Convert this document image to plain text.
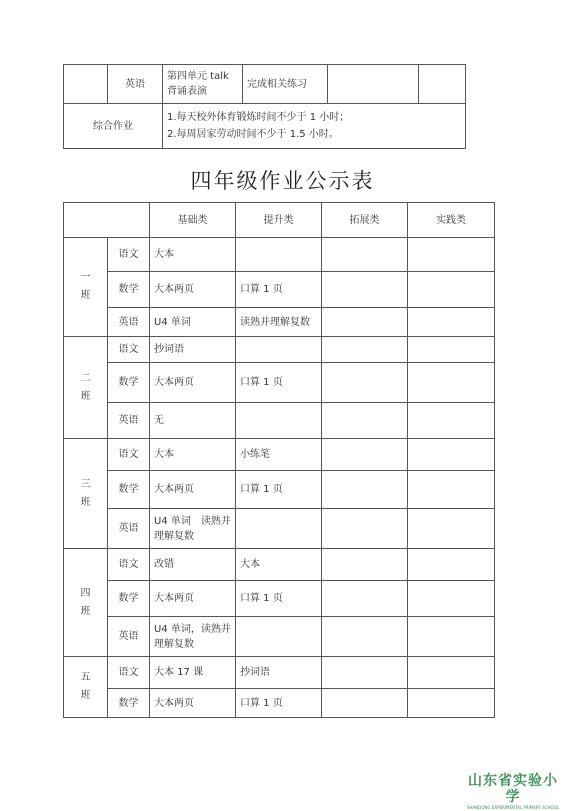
	英语	第四单元 talk 背诵表演	完成相关练习		
综合作业		1.每天校外体育锻炼时间不少于 1 小时；
2.每周居家劳动时间不少于 1.5 小时。			
四年级作业公示表
		基础类	提升类	拓展类	实践类
一班	语文	大本			
	数学	大本两页	口算 1 页		
	英语	U4 单词	读熟并理解复数		
二班	语文	抄词语			
	数学	大本两页	口算 1 页		
	英语	无			
三班	语文	大本	小练笔		
	数学	大本两页	口算 1 页		
	英语	U4 单词　读熟并理解复数			
四班	语文	改错	大本		
	数学	大本两页	口算 1 页		
	英语	U4 单词，读熟并理解复数			
五班	语文	大本 17 课	抄词语		
	数学	大本两页	口算 1 页		
山东省实验小学
SHANDONG EXPERIMENTAL PRIMARY SCHOOL
